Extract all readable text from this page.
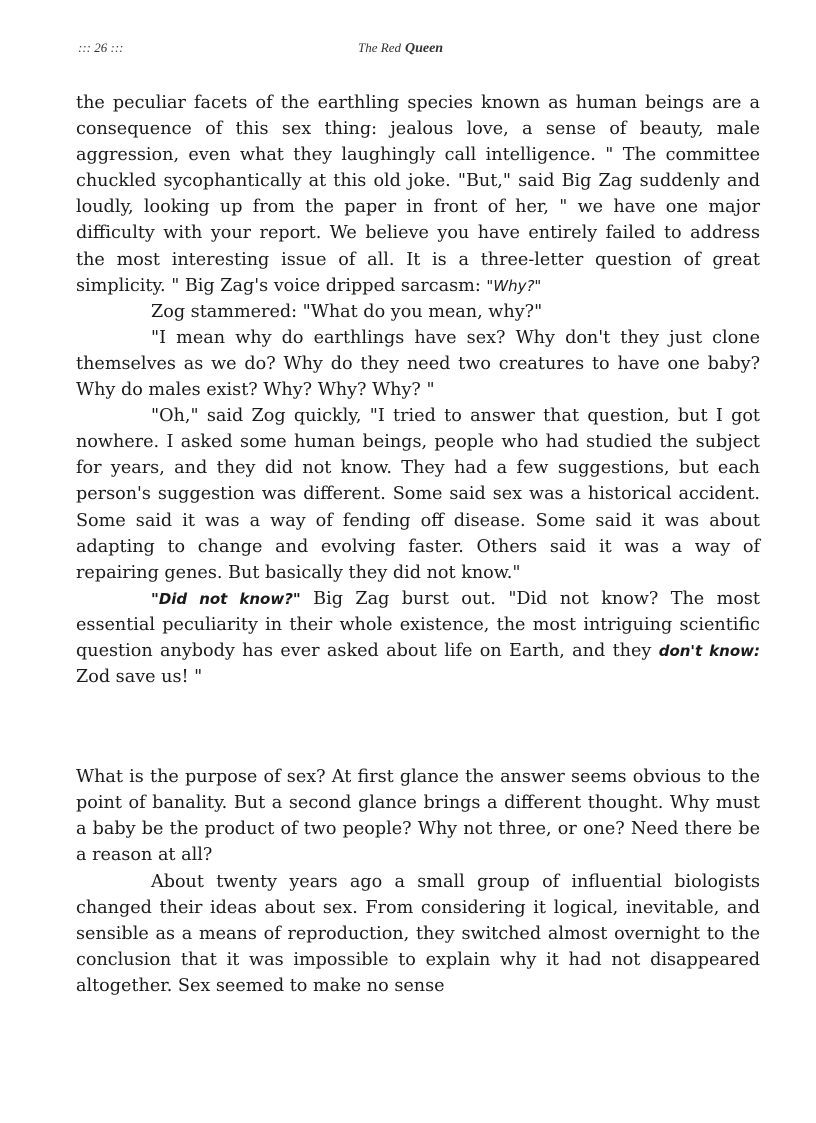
::: 26 :::	The Red Queen

the peculiar facets of the earthling species known as human beings are a consequence of this sex thing: jealous love, a sense of beauty, male aggression, even what they laughingly call intelligence. " The committee chuckled sycophantically at this old joke. "But," said Big Zag suddenly and loudly, looking up from the paper in front of her, " we have one major difficulty with your report. We believe you have entirely failed to address the most interesting issue of all. It is a three-letter question of great simplicity. " Big Zag's voice dripped sarcasm: "Why?"

Zog stammered: "What do you mean, why?"

"I mean why do earthlings have sex? Why don't they just clone themselves as we do? Why do they need two creatures to have one baby? Why do males exist? Why? Why? Why? "

"Oh," said Zog quickly, "I tried to answer that question, but I got nowhere. I asked some human beings, people who had studied the subject for years, and they did not know. They had a few suggestions, but each person's suggestion was different. Some said sex was a historical accident. Some said it was a way of fending off disease. Some said it was about adapting to change and evolving faster. Others said it was a way of repairing genes. But basically they did not know."

"Did not know?" Big Zag burst out. "Did not know? The most essential peculiarity in their whole existence, the most intriguing scientific question anybody has ever asked about life on Earth, and they don't know: Zod save us! "

What is the purpose of sex? At first glance the answer seems obvious to the point of banality. But a second glance brings a different thought. Why must a baby be the product of two people? Why not three, or one? Need there be a reason at all?

About twenty years ago a small group of influential biologists changed their ideas about sex. From considering it logical, inevitable, and sensible as a means of reproduction, they switched almost overnight to the conclusion that it was impossible to explain why it had not disappeared altogether. Sex seemed to make no sense
